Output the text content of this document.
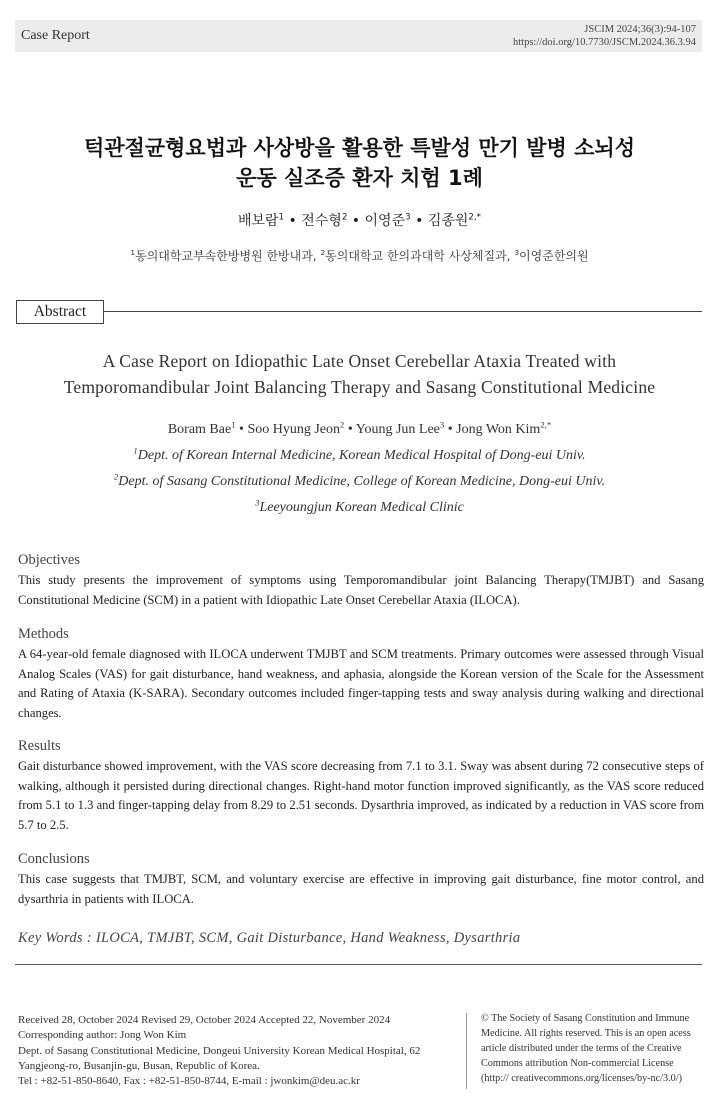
Case Report	JSCIM 2024;36(3):94-107
https://doi.org/10.7730/JSCM.2024.36.3.94
턱관절균형요법과 사상방을 활용한 특발성 만기 발병 소뇌성
운동 실조증 환자 치험 1례
배보람$^1$ • 전수형$^2$ • 이영준$^3$ • 김종원$^{2,*}$
$^1$동의대학교부속한방병원 한방내과, $^2$동의대학교 한의과대학 사상체질과, $^3$이영준한의원
Abstract
A Case Report on Idiopathic Late Onset Cerebellar Ataxia Treated with
Temporomandibular Joint Balancing Therapy and Sasang Constitutional Medicine
Boram Bae$^1$ • Soo Hyung Jeon$^2$ • Young Jun Lee$^3$ • Jong Won Kim$^{2,*}$
$^1$Dept. of Korean Internal Medicine, Korean Medical Hospital of Dong-eui Univ.
$^2$Dept. of Sasang Constitutional Medicine, College of Korean Medicine, Dong-eui Univ.
$^3$Leeyoungjun Korean Medical Clinic
Objectives

This study presents the improvement of symptoms using Temporomandibular joint Balancing Therapy(TMJBT) and Sasang Constitutional Medicine (SCM) in a patient with Idiopathic Late Onset Cerebellar Ataxia (ILOCA).

Methods

A 64-year-old female diagnosed with ILOCA underwent TMJBT and SCM treatments. Primary outcomes were assessed through Visual Analog Scales (VAS) for gait disturbance, hand weakness, and aphasia, alongside the Korean version of the Scale for the Assessment and Rating of Ataxia (K-SARA). Secondary outcomes included finger-tapping tests and sway analysis during walking and directional changes.

Results

Gait disturbance showed improvement, with the VAS score decreasing from 7.1 to 3.1. Sway was absent during 72 consecutive steps of walking, although it persisted during directional changes. Right-hand motor function improved significantly, as the VAS score reduced from 5.1 to 1.3 and finger-tapping delay from 8.29 to 2.51 seconds. Dysarthria improved, as indicated by a reduction in VAS score from 5.7 to 2.5.

Conclusions

This case suggests that TMJBT, SCM, and voluntary exercise are effective in improving gait disturbance, fine motor control, and dysarthria in patients with ILOCA.

Key Words : ILOCA, TMJBT, SCM, Gait Disturbance, Hand Weakness, Dysarthria
Received 28, October 2024 Revised 29, October 2024 Accepted 22, November 2024
Corresponding author: Jong Won Kim
Dept. of Sasang Constitutional Medicine, Dongeui University Korean Medical Hospital, 62
Yangjeong-ro, Busanjin-gu, Busan, Republic of Korea.
Tel : +82-51-850-8640, Fax : +82-51-850-8744, E-mail : jwonkim@deu.ac.kr
© The Society of Sasang Constitution and Immune Medicine. All rights reserved. This is an open acess article distributed under the terms of the Creative Commons attribution Non-commercial License (http:// creativecommons.org/licenses/by-nc/3.0/)
